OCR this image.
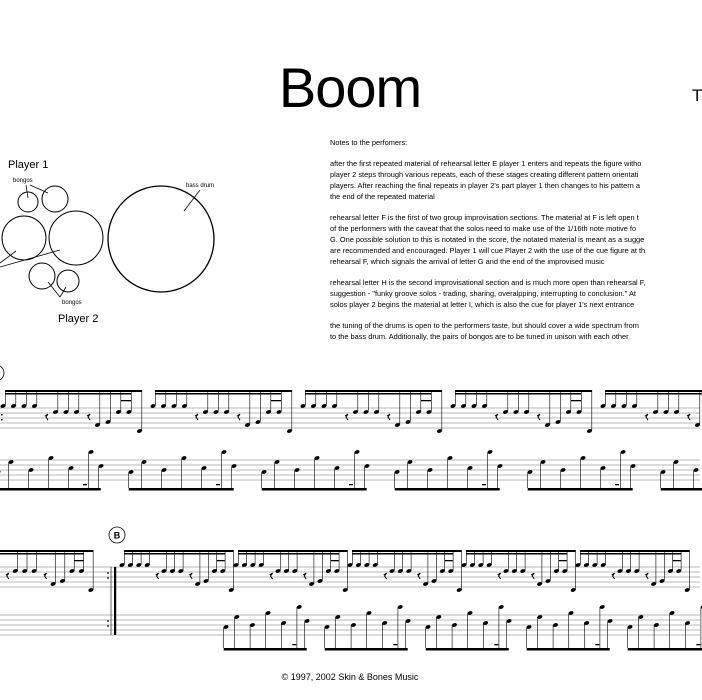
Boom	T
Notes to the perfomers:
after the first repeated material of rehearsal letter E player 1 enters and repeats the figure witho
player 2 steps through various repeats, each of these stages creating different pattern orientati
players. After reaching the final repeats in player 2's part player 1 then changes to his pattern a
the end of the repeated material
rehearsal letter F is the first of two group improvisation sections. The material at F is left open t
of the performers with the caveat that the solos need to make use of the 1/16th note motive fo
G. One possible solution to this is notated in the score, the notated material is meant as a sugge
are recommended and encouraged. Player 1 will cue Player 2 with the use of the cue figure at th
rehearsal F, which signals the arrival of letter G and the end of the improvised music
rehearsal letter H is the second improvisational section and is much more open than rehearsal F,
suggestion - "funky groove solos - trading, sharing, overalpping, interrupting to conclusion." At
solos player 2 begins the material at letter I, which is also the cue for player 1's next entrance
the tuning of the drums is open to the performers taste, but should cover a wide spectrum from
to the bass drum. Additionally, the pairs of bongos are to be tuned in unison with each other
Player 1
bongos
bass drum
bongos
Player 2
B
© 1997, 2002 Skin & Bones Music
